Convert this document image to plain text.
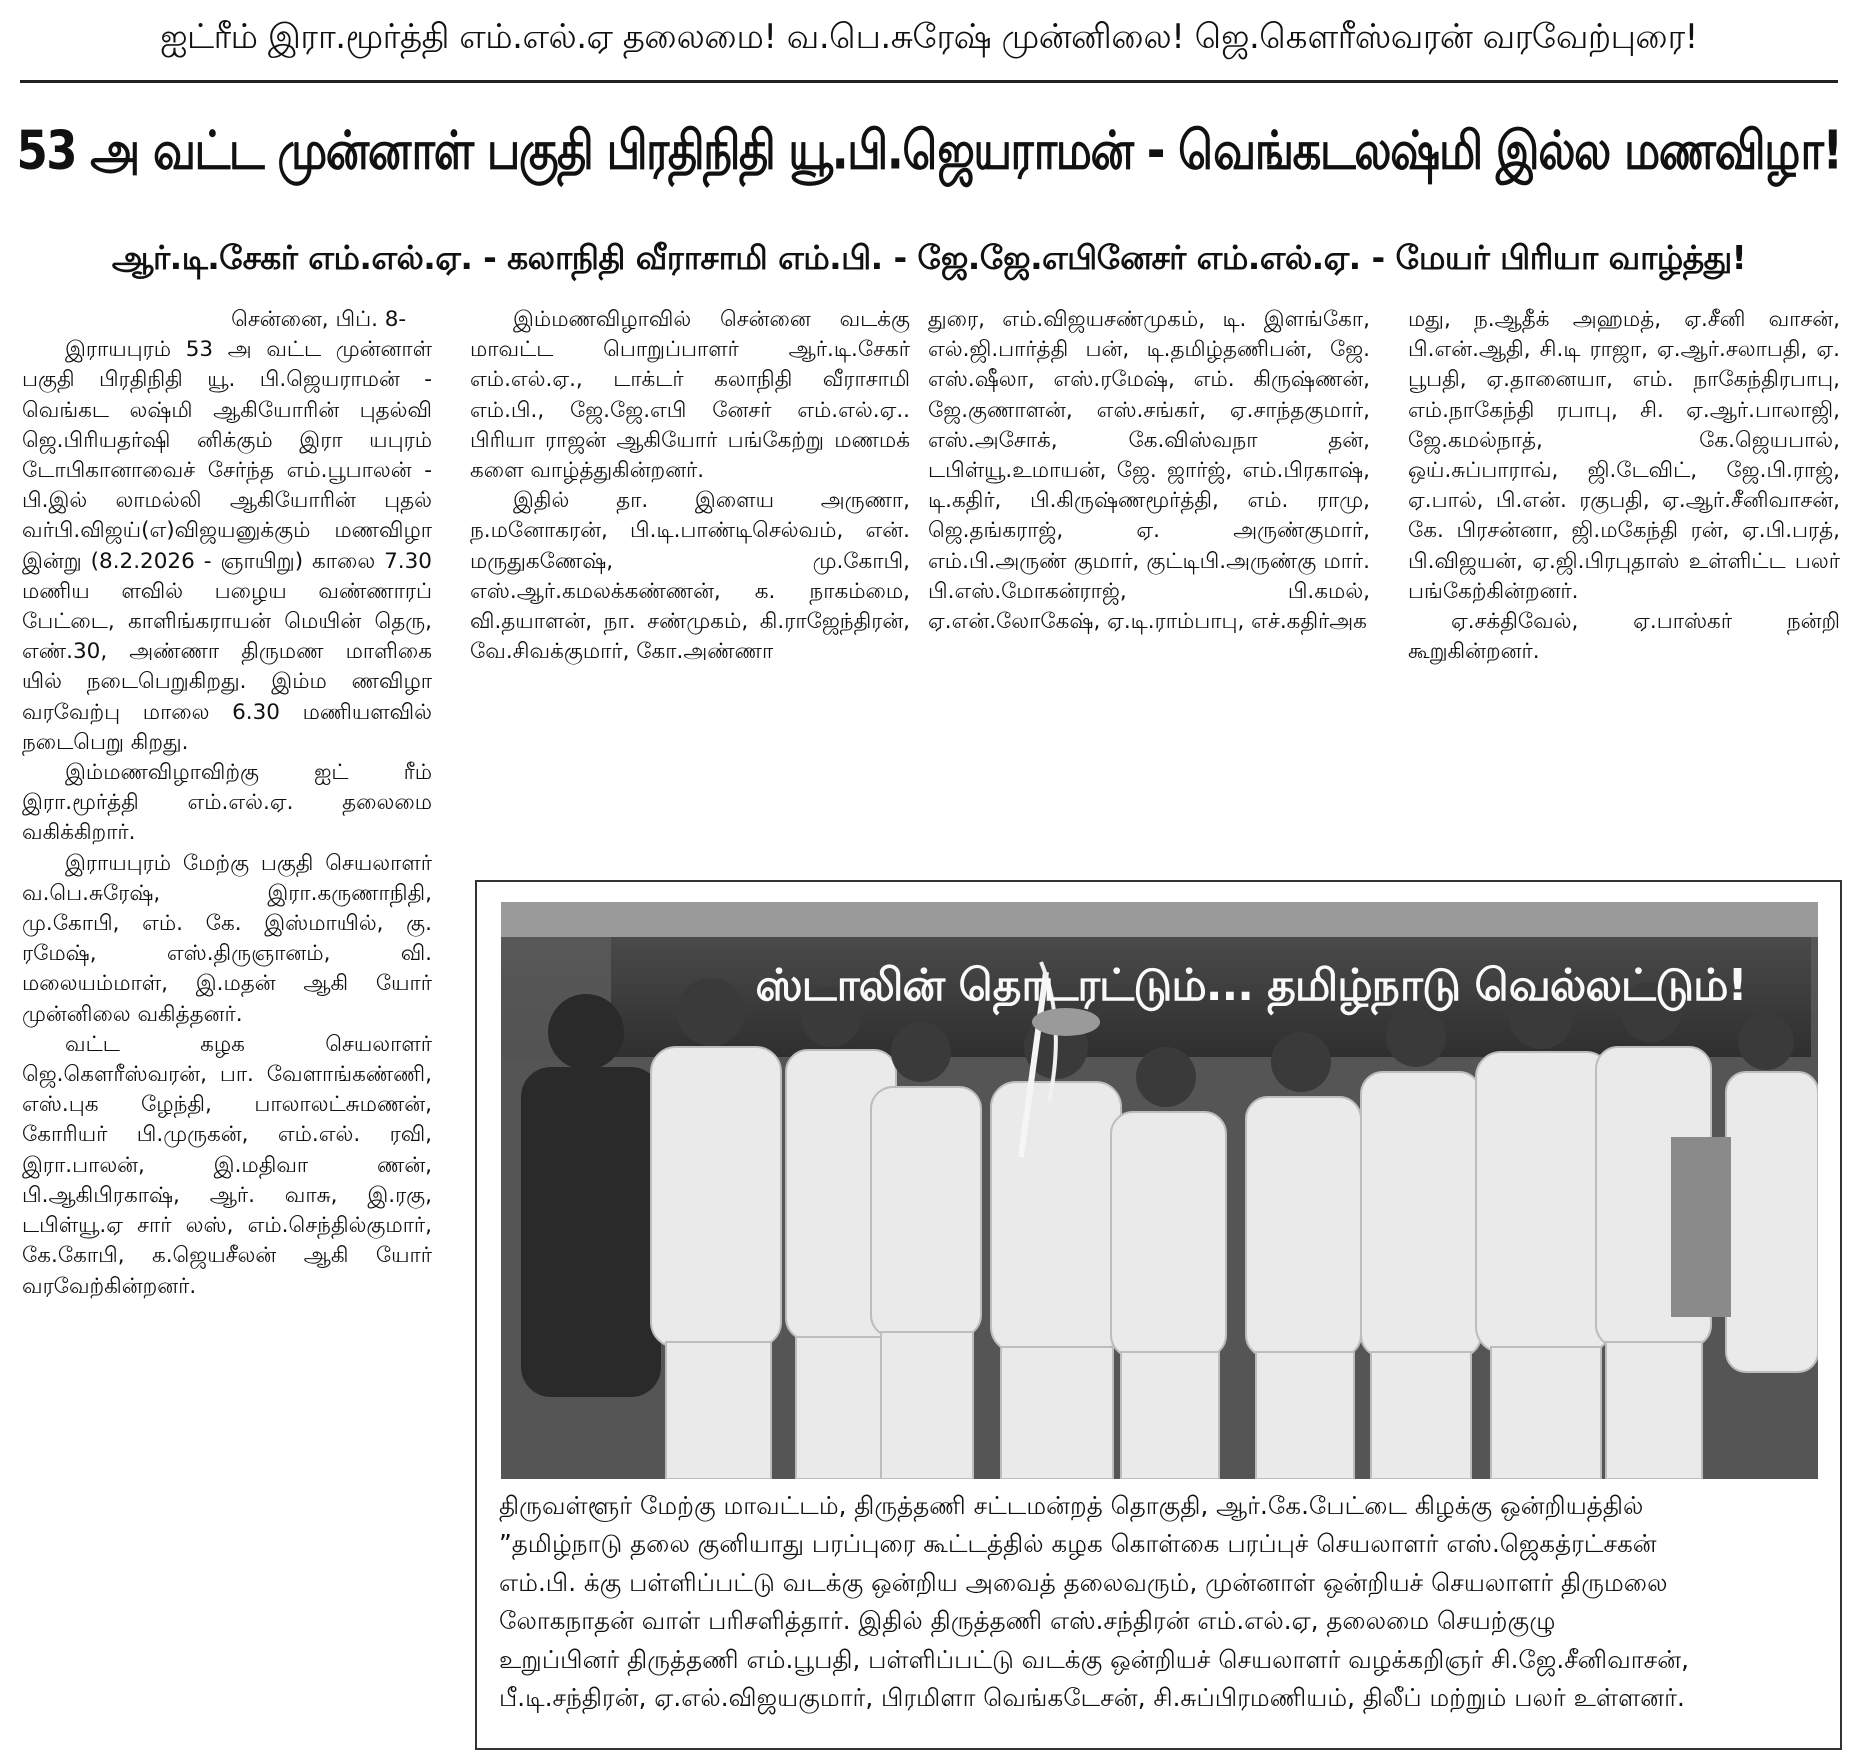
ஐட்ரீம் இரா.மூர்த்தி எம்.எல்.ஏ தலைமை! வ.பெ.சுரேஷ் முன்னிலை! ஜெ.கௌரீஸ்வரன் வரவேற்புரை!
53 அ வட்ட முன்னாள் பகுதி பிரதிநிதி யூ.பி.ஜெயராமன் - வெங்கடலஷ்மி இல்ல மணவிழா!
ஆர்.டி.சேகர் எம்.எல்.ஏ. - கலாநிதி வீராசாமி எம்.பி. - ஜே.ஜே.எபினேசர் எம்.எல்.ஏ. - மேயர் பிரியா வாழ்த்து!

சென்னை, பிப். 8-

இராயபுரம் 53 அ வட்ட முன்னாள் பகுதி பிரதிநிதி யூ. பி.ஜெயராமன் - வெங்கட லஷ்மி ஆகியோரின் புதல்வி ஜெ.பிரியதர்ஷி னிக்கும் இரா யபுரம் டோபிகானாவைச் சேர்ந்த எம்.பூபாலன் - பி.இல் லாமல்லி ஆகியோரின் புதல் வர்பி.விஜய்(எ)விஜயனுக்கும் மணவிழா இன்று (8.2.2026 - ஞாயிறு) காலை 7.30 மணிய ளவில் பழைய வண்ணாரப் பேட்டை, காளிங்கராயன் மெயின் தெரு, எண்.30, அண்ணா திருமண மாளிகை யில் நடைபெறுகிறது. இம்ம ணவிழா வரவேற்பு மாலை 6.30 மணியளவில் நடைபெறு கிறது.

இம்மணவிழாவிற்கு ஐட் ரீம் இரா.மூர்த்தி எம்.எல்.ஏ. தலைமை வகிக்கிறார்.

இராயபுரம் மேற்கு பகுதி செயலாளர் வ.பெ.சுரேஷ், இரா.கருணாநிதி, மு.கோபி, எம். கே. இஸ்மாயில், கு. ரமேஷ், எஸ்.திருஞானம், வி. மலையம்மாள், இ.மதன் ஆகி யோர் முன்னிலை வகித்தனர்.

வட்ட கழக செயலாளர் ஜெ.கௌரீஸ்வரன், பா. வேளாங்கண்ணி, எஸ்.புக ழேந்தி, பாலாலட்சுமணன், கோரியர் பி.முருகன், எம்.எல். ரவி, இரா.பாலன், இ.மதிவா ணன், பி.ஆகிபிரகாஷ், ஆர். வாசு, இ.ரகு, டபிள்யூ.ஏ சார் லஸ், எம்.செந்தில்குமார், கே.கோபி, க.ஜெயசீலன் ஆகி யோர் வரவேற்கின்றனர்.

இம்மணவிழாவில் சென்னை வடக்கு மாவட்ட பொறுப்பாளர் ஆர்.டி.சேகர் எம்.எல்.ஏ., டாக்டர் கலாநிதி வீராசாமி எம்.பி., ஜே.ஜே.எபி னேசர் எம்.எல்.ஏ.. பிரியா ராஜன் ஆகியோர் பங்கேற்று மணமக் களை வாழ்த்துகின்றனர்.

இதில் தா. இளைய அருணா, ந.மனோகரன், பி.டி.பாண்டிசெல்வம், என். மருதுகணேஷ், மு.கோபி, எஸ்.ஆர்.கமலக்கண்ணன், க. நாகம்மை, வி.தயாளன், நா. சண்முகம், கி.ராஜேந்திரன், வே.சிவக்குமார், கோ.அண்ணா

துரை, எம்.விஜயசண்முகம், டி. இளங்கோ, எல்.ஜி.பார்த்தி பன், டி.தமிழ்தணிபன், ஜே. எஸ்.ஷீலா, எஸ்.ரமேஷ், எம். கிருஷ்ணன், ஜே.குணாளன், எஸ்.சங்கர், ஏ.சாந்தகுமார், எஸ்.அசோக், கே.விஸ்வநா தன், டபிள்யூ.உமாயன், ஜே. ஜார்ஜ், எம்.பிரகாஷ், டி.கதிர், பி.கிருஷ்ணமூர்த்தி, எம். ராமு, ஜெ.தங்கராஜ், ஏ. அருண்குமார், எம்.பி.அருண் குமார், குட்டிபி.அருண்கு மார். பி.எஸ்.மோகன்ராஜ், பி.கமல், ஏ.என்.லோகேஷ், ஏ.டி.ராம்பாபு, எச்.கதிர்அக

மது, ந.ஆதீக் அஹமத், ஏ.சீனி வாசன், பி.என்.ஆதி, சி.டி ராஜா, ஏ.ஆர்.சலாபதி, ஏ. பூபதி, ஏ.தானையா, எம். நாகேந்திரபாபு, எம்.நாகேந்தி ரபாபு, சி. ஏ.ஆர்.பாலாஜி, ஜே.கமல்நாத், கே.ஜெயபால், ஒய்.சுப்பாராவ், ஜி.டேவிட், ஜே.பி.ராஜ், ஏ.பால், பி.என். ரகுபதி, ஏ.ஆர்.சீனிவாசன், கே. பிரசன்னா, ஜி.மகேந்தி ரன், ஏ.பி.பரத், பி.விஜயன், ஏ.ஜி.பிரபுதாஸ் உள்ளிட்ட பலர் பங்கேற்கின்றனர்.

ஏ.சக்திவேல், ஏ.பாஸ்கர் நன்றி கூறுகின்றனர்.

ஸ்டாலின் தொடரட்டும்... தமிழ்நாடு வெல்லட்டும்!
திருவள்ளூர் மேற்கு மாவட்டம், திருத்தணி சட்டமன்றத் தொகுதி, ஆர்.கே.பேட்டை கிழக்கு ஒன்றியத்தில்
”தமிழ்நாடு தலை குனியாது பரப்புரை கூட்டத்தில் கழக கொள்கை பரப்புச் செயலாளர் எஸ்.ஜெகத்ரட்சகன்
எம்.பி. க்கு பள்ளிப்பட்டு வடக்கு ஒன்றிய அவைத் தலைவரும், முன்னாள் ஒன்றியச் செயலாளர் திருமலை
லோகநாதன் வாள் பரிசளித்தார். இதில் திருத்தணி எஸ்.சந்திரன் எம்.எல்.ஏ, தலைமை செயற்குழு
உறுப்பினர் திருத்தணி எம்.பூபதி, பள்ளிப்பட்டு வடக்கு ஒன்றியச் செயலாளர் வழக்கறிஞர் சி.ஜே.சீனிவாசன்,
பீ.டி.சந்திரன், ஏ.எல்.விஜயகுமார், பிரமிளா வெங்கடேசன், சி.சுப்பிரமணியம், திலீப் மற்றும் பலர் உள்ளனர்.
